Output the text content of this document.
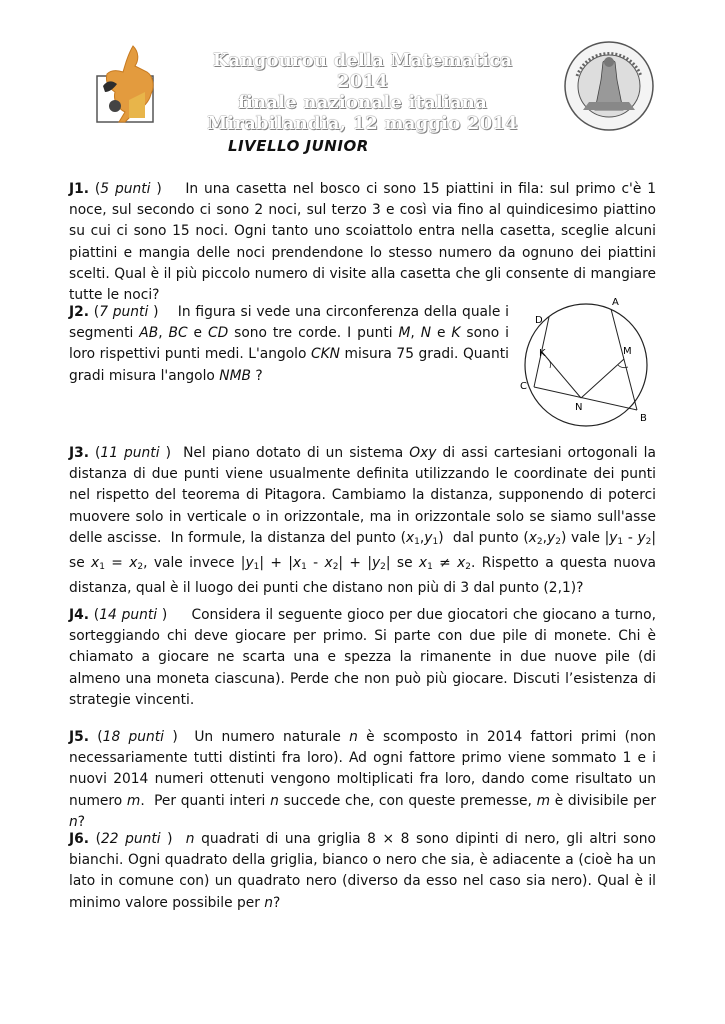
Kangourou della Matematica 2014
finale nazionale italiana
Mirabilandia, 12 maggio 2014
LIVELLO JUNIOR
J1. (5 punti )    In una casetta nel bosco ci sono 15 piattini in fila: sul primo c'è 1 noce, sul secondo ci sono 2 noci, sul terzo 3 e così via fino al quindicesimo piattino su cui ci sono 15 noci. Ogni tanto uno scoiattolo entra nella casetta, sceglie alcuni piattini e mangia delle noci prendendone lo stesso numero da ognuno dei piattini scelti. Qual è il più piccolo numero di visite alla casetta che gli consente di mangiare tutte le noci?
J2. (7 punti )    In figura si vede una circonferenza della quale i segmenti AB, BC e CD sono tre corde. I punti M, N e K sono i loro rispettivi punti medi. L'angolo CKN misura 75 gradi. Quanti gradi misura l'angolo NMB ?
A
B
C
D
K	M
N
J3. (11 punti )  Nel piano dotato di un sistema Oxy di assi cartesiani ortogonali la distanza di due punti viene usualmente definita utilizzando le coordinate dei punti nel rispetto del teorema di Pitagora. Cambiamo la distanza, supponendo di poterci muovere solo in verticale o in orizzontale, ma in orizzontale solo se siamo sull'asse delle ascisse.  In formule, la distanza del punto $(x_1,y_1)$  dal punto $(x_2,y_2)$ vale $|y_1 - y_2|$ se $x_1 = x_2$, vale invece $|y_1| + |x_1 - x_2| + |y_2|$ se $x_1 \ne x_2$. Rispetto a questa nuova distanza, qual è il luogo dei punti che distano non più di 3 dal punto (2,1)?
J4. (14 punti )     Considera il seguente gioco per due giocatori che giocano a turno, sorteggiando chi deve giocare per primo. Si parte con due pile di monete. Chi è chiamato a giocare ne scarta una e spezza la rimanente in due nuove pile (di almeno una moneta ciascuna). Perde che non può più giocare. Discuti l’esistenza di strategie vincenti.
J5. (18 punti )  Un numero naturale n è scomposto in 2014 fattori primi (non necessariamente tutti distinti fra loro). Ad ogni fattore primo viene sommato 1 e i nuovi 2014 numeri ottenuti vengono moltiplicati fra loro, dando come risultato un numero m.  Per quanti interi n succede che, con queste premesse, m è divisibile per n?
J6. (22 punti )  n quadrati di una griglia 8 × 8 sono dipinti di nero, gli altri sono bianchi. Ogni quadrato della griglia, bianco o nero che sia, è adiacente a (cioè ha un lato in comune con) un quadrato nero (diverso da esso nel caso sia nero). Qual è il minimo valore possibile per n?
